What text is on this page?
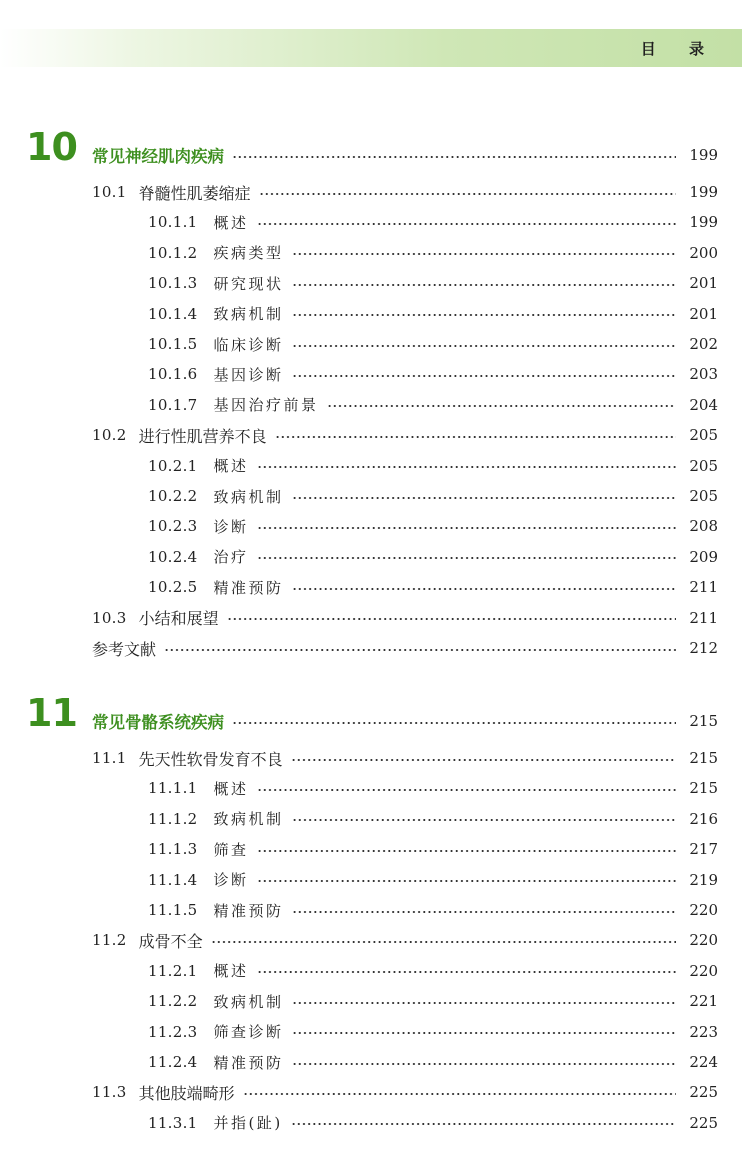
目 录
10 常见神经肌肉疾病	199
10.1 脊髓性肌萎缩症	199
10.1.1 概述	199
10.1.2 疾病类型	200
10.1.3 研究现状	201
10.1.4 致病机制	201
10.1.5 临床诊断	202
10.1.6 基因诊断	203
10.1.7 基因治疗前景	204
10.2 进行性肌营养不良	205
10.2.1 概述	205
10.2.2 致病机制	205
10.2.3 诊断	208
10.2.4 治疗	209
10.2.5 精准预防	211
10.3 小结和展望	211
参考文献	212
11 常见骨骼系统疾病	215
11.1 先天性软骨发育不良	215
11.1.1 概述	215
11.1.2 致病机制	216
11.1.3 筛查	217
11.1.4 诊断	219
11.1.5 精准预防	220
11.2 成骨不全	220
11.2.1 概述	220
11.2.2 致病机制	221
11.2.3 筛查诊断	223
11.2.4 精准预防	224
11.3 其他肢端畸形	225
11.3.1 并指(趾)	225
